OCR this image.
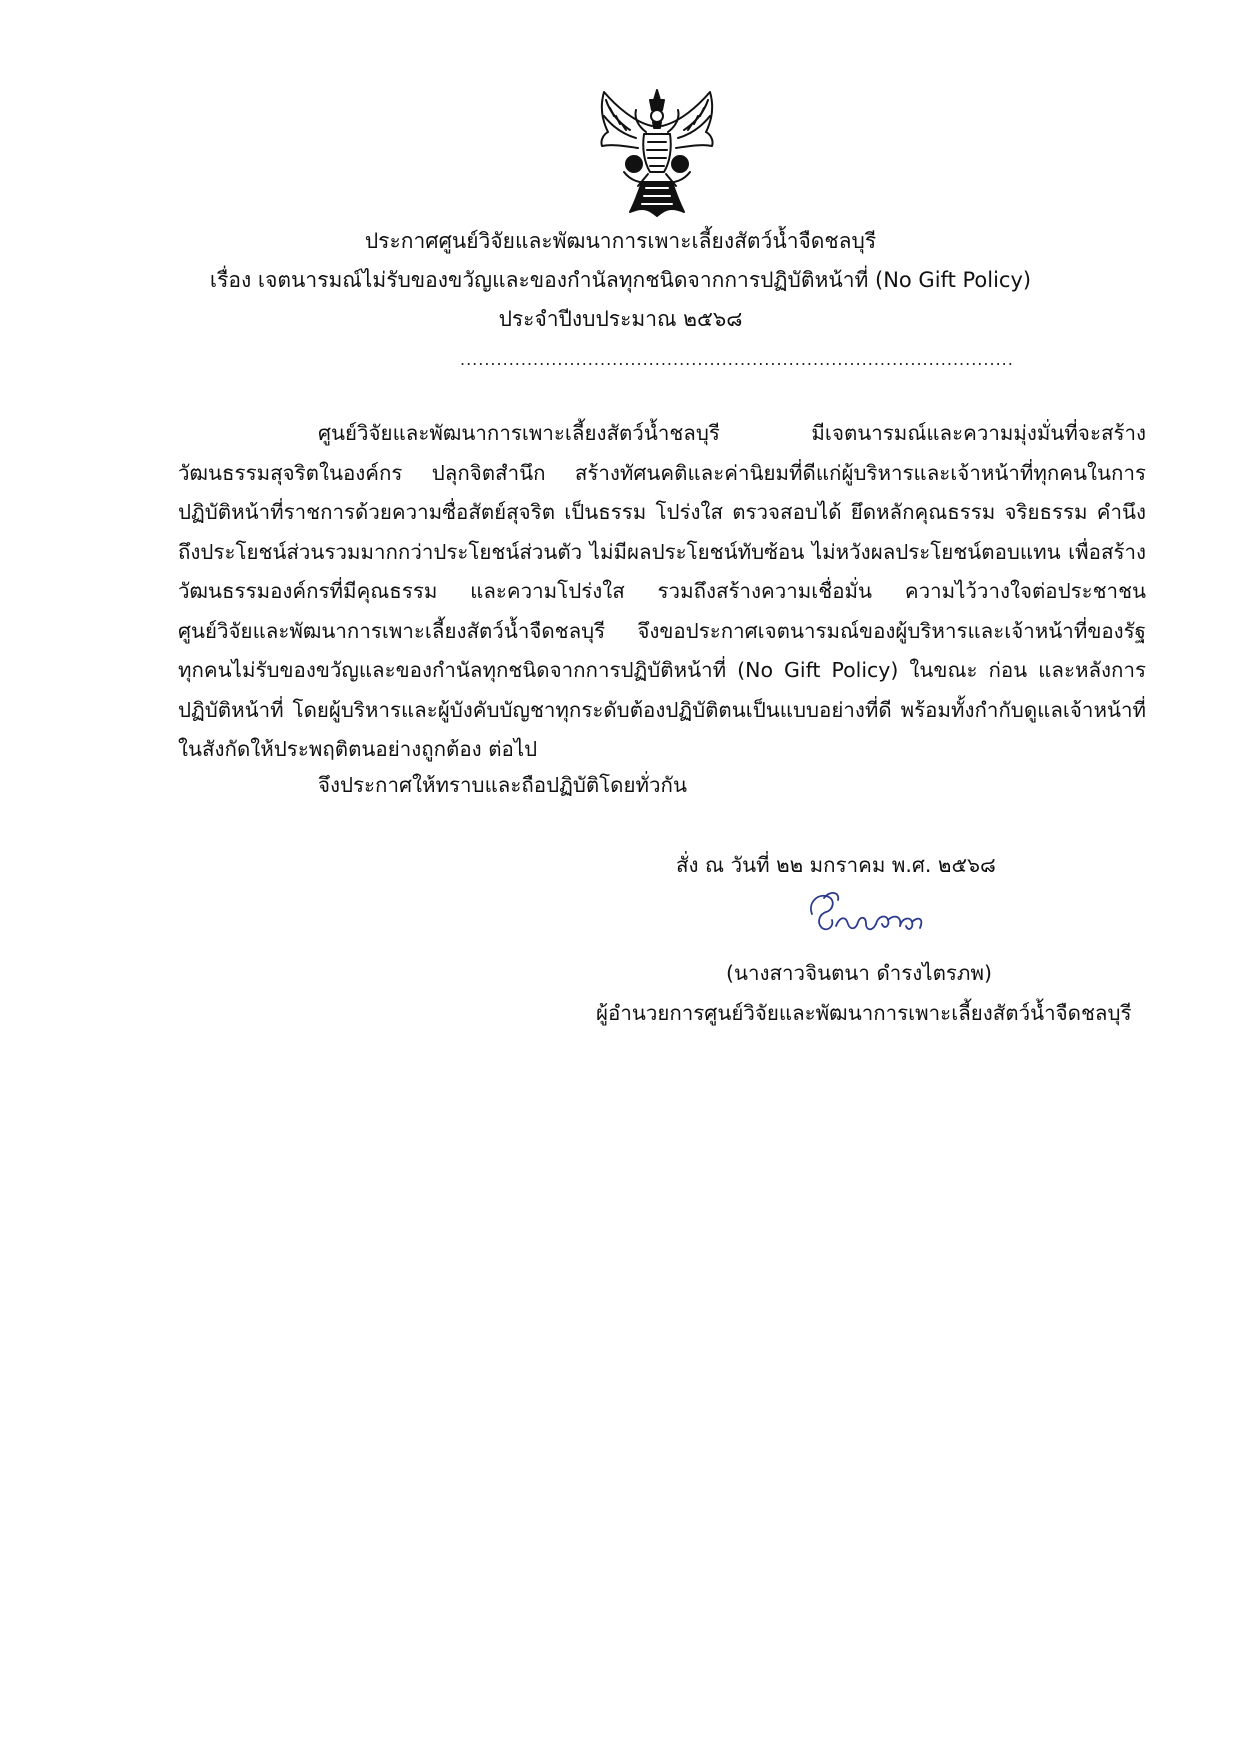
ประกาศศูนย์วิจัยและพัฒนาการเพาะเลี้ยงสัตว์น้ำจืดชลบุรี
เรื่อง เจตนารมณ์ไม่รับของขวัญและของกำนัลทุกชนิดจากการปฏิบัติหน้าที่ (No Gift Policy)
ประจำปีงบประมาณ ๒๕๖๘
...........................................................................................
ศูนย์วิจัยและพัฒนาการเพาะเลี้ยงสัตว์น้ำชลบุรี มีเจตนารมณ์และความมุ่งมั่นที่จะสร้างวัฒนธรรมสุจริตในองค์กร ปลุกจิตสำนึก สร้างทัศนคติและค่านิยมที่ดีแก่ผู้บริหารและเจ้าหน้าที่ทุกคนในการปฏิบัติหน้าที่ราชการด้วยความซื่อสัตย์สุจริต เป็นธรรม โปร่งใส ตรวจสอบได้ ยึดหลักคุณธรรม จริยธรรม คำนึงถึงประโยชน์ส่วนรวมมากกว่าประโยชน์ส่วนตัว ไม่มีผลประโยชน์ทับซ้อน ไม่หวังผลประโยชน์ตอบแทน เพื่อสร้างวัฒนธรรมองค์กรที่มีคุณธรรม และความโปร่งใส รวมถึงสร้างความเชื่อมั่น ความไว้วางใจต่อประชาชน ศูนย์วิจัยและพัฒนาการเพาะเลี้ยงสัตว์น้ำจืดชลบุรี จึงขอประกาศเจตนารมณ์ของผู้บริหารและเจ้าหน้าที่ของรัฐทุกคนไม่รับของขวัญและของกำนัลทุกชนิดจากการปฏิบัติหน้าที่ (No Gift Policy) ในขณะ ก่อน และหลังการปฏิบัติหน้าที่ โดยผู้บริหารและผู้บังคับบัญชาทุกระดับต้องปฏิบัติตนเป็นแบบอย่างที่ดี พร้อมทั้งกำกับดูแลเจ้าหน้าที่ในสังกัดให้ประพฤติตนอย่างถูกต้อง ต่อไป
จึงประกาศให้ทราบและถือปฏิบัติโดยทั่วกัน
สั่ง ณ วันที่ ๒๒ มกราคม พ.ศ. ๒๕๖๘
(นางสาวจินตนา ดำรงไตรภพ)
ผู้อำนวยการศูนย์วิจัยและพัฒนาการเพาะเลี้ยงสัตว์น้ำจืดชลบุรี
